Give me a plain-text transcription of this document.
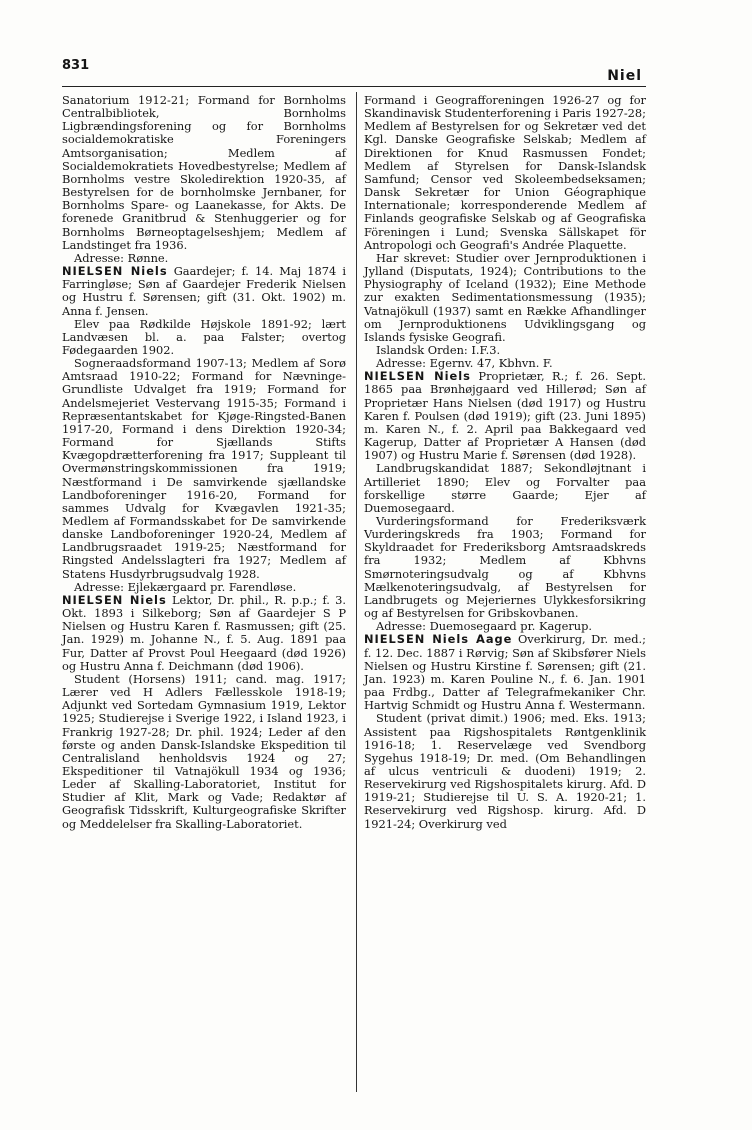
831
Niel

Sanatorium 1912-21; Formand for Bornholms Centralbibliotek, Bornholms Ligbrændingsforening og for Bornholms socialdemokratiske Foreningers Amtsorganisation; Medlem af Socialdemokratiets Hovedbestyrelse; Medlem af Bornholms vestre Skoledirektion 1920-35, af Bestyrelsen for de bornholmske Jernbaner, for Bornholms Spare- og Laanekasse, for Akts. De forenede Granitbrud & Stenhuggerier og for Bornholms Børneoptagelseshjem; Medlem af Landstinget fra 1936.

Adresse: Rønne.

NIELSEN Niels Gaardejer; f. 14. Maj 1874 i Farringløse; Søn af Gaardejer Frederik Nielsen og Hustru f. Sørensen; gift (31. Okt. 1902) m. Anna f. Jensen.

Elev paa Rødkilde Højskole 1891-92; lært Landvæsen bl. a. paa Falster; overtog Fødegaarden 1902.

Sogneraadsformand 1907-13; Medlem af Sorø Amtsraad 1910-22; Formand for Nævninge-Grundliste Udvalget fra 1919; Formand for Andelsmejeriet Vestervang 1915-35; Formand i Repræsentantskabet for Kjøge-Ringsted-Banen 1917-20, Formand i dens Direktion 1920-34; Formand for Sjællands Stifts Kvægopdrætterforening fra 1917; Suppleant til Overmønstringskommissionen fra 1919; Næstformand i De samvirkende sjællandske Landboforeninger 1916-20, Formand for sammes Udvalg for Kvægavlen 1921-35; Medlem af Formandsskabet for De samvirkende danske Landboforeninger 1920-24, Medlem af Landbrugsraadet 1919-25; Næstformand for Ringsted Andelsslagteri fra 1927; Medlem af Statens Husdyrbrugsudvalg 1928.

Adresse: Ejlekærgaard pr. Farendløse.

NIELSEN Niels Lektor, Dr. phil., R. p.p.; f. 3. Okt. 1893 i Silkeborg; Søn af Gaardejer S P Nielsen og Hustru Karen f. Rasmussen; gift (25. Jan. 1929) m. Johanne N., f. 5. Aug. 1891 paa Fur, Datter af Provst Poul Heegaard (død 1926) og Hustru Anna f. Deichmann (død 1906).

Student (Horsens) 1911; cand. mag. 1917; Lærer ved H Adlers Fællesskole 1918-19; Adjunkt ved Sortedam Gymnasium 1919, Lektor 1925; Studierejse i Sverige 1922, i Island 1923, i Frankrig 1927-28; Dr. phil. 1924; Leder af den første og anden Dansk-Islandske Ekspedition til Centralisland henholdsvis 1924 og 27; Ekspeditioner til Vatnajökull 1934 og 1936; Leder af Skalling-Laboratoriet, Institut for Studier af Klit, Mark og Vade; Redaktør af Geografisk Tidsskrift, Kulturgeografiske Skrifter og Meddelelser fra Skalling-Laboratoriet.

Formand i Geografforeningen 1926-27 og for Skandinavisk Studenterforening i Paris 1927-28; Medlem af Bestyrelsen for og Sekretær ved det Kgl. Danske Geografiske Selskab; Medlem af Direktionen for Knud Rasmussen Fondet; Medlem af Styrelsen for Dansk-Islandsk Samfund; Censor ved Skoleembedseksamen; Dansk Sekretær for Union Géographique Internationale; korresponderende Medlem af Finlands geografiske Selskab og af Geografiska Föreningen i Lund; Svenska Sällskapet för Antropologi och Geografi's Andrée Plaquette.

Har skrevet: Studier over Jernproduktionen i Jylland (Disputats, 1924); Contributions to the Physiography of Iceland (1932); Eine Methode zur exakten Sedimentationsmessung (1935); Vatnajökull (1937) samt en Række Afhandlinger om Jernproduktionens Udviklingsgang og Islands fysiske Geografi.

Islandsk Orden: I.F.3.

Adresse: Egernv. 47, Kbhvn. F.

NIELSEN Niels Proprietær, R.; f. 26. Sept. 1865 paa Brønhøjgaard ved Hillerød; Søn af Proprietær Hans Nielsen (død 1917) og Hustru Karen f. Poulsen (død 1919); gift (23. Juni 1895) m. Karen N., f. 2. April paa Bakkegaard ved Kagerup, Datter af Proprietær A Hansen (død 1907) og Hustru Marie f. Sørensen (død 1928).

Landbrugskandidat 1887; Sekondløjtnant i Artilleriet 1890; Elev og Forvalter paa forskellige større Gaarde; Ejer af Duemosegaard.

Vurderingsformand for Frederiksværk Vurderingskreds fra 1903; Formand for Skyldraadet for Frederiksborg Amtsraadskreds fra 1932; Medlem af Kbhvns Smørnoteringsudvalg og af Kbhvns Mælkenoteringsudvalg, af Bestyrelsen for Landbrugets og Mejeriernes Ulykkesforsikring og af Bestyrelsen for Gribskovbanen.

Adresse: Duemosegaard pr. Kagerup.

NIELSEN Niels Aage Overkirurg, Dr. med.; f. 12. Dec. 1887 i Rørvig; Søn af Skibsfører Niels Nielsen og Hustru Kirstine f. Sørensen; gift (21. Jan. 1923) m. Karen Pouline N., f. 6. Jan. 1901 paa Frdbg., Datter af Telegrafmekaniker Chr. Hartvig Schmidt og Hustru Anna f. Westermann.

Student (privat dimit.) 1906; med. Eks. 1913; Assistent paa Rigshospitalets Røntgenklinik 1916-18; 1. Reservelæge ved Svendborg Sygehus 1918-19; Dr. med. (Om Behandlingen af ulcus ventriculi & duodeni) 1919; 2. Reservekirurg ved Rigshospitalets kirurg. Afd. D 1919-21; Studierejse til U. S. A. 1920-21; 1. Reservekirurg ved Rigshosp. kirurg. Afd. D 1921-24; Overkirurg ved
